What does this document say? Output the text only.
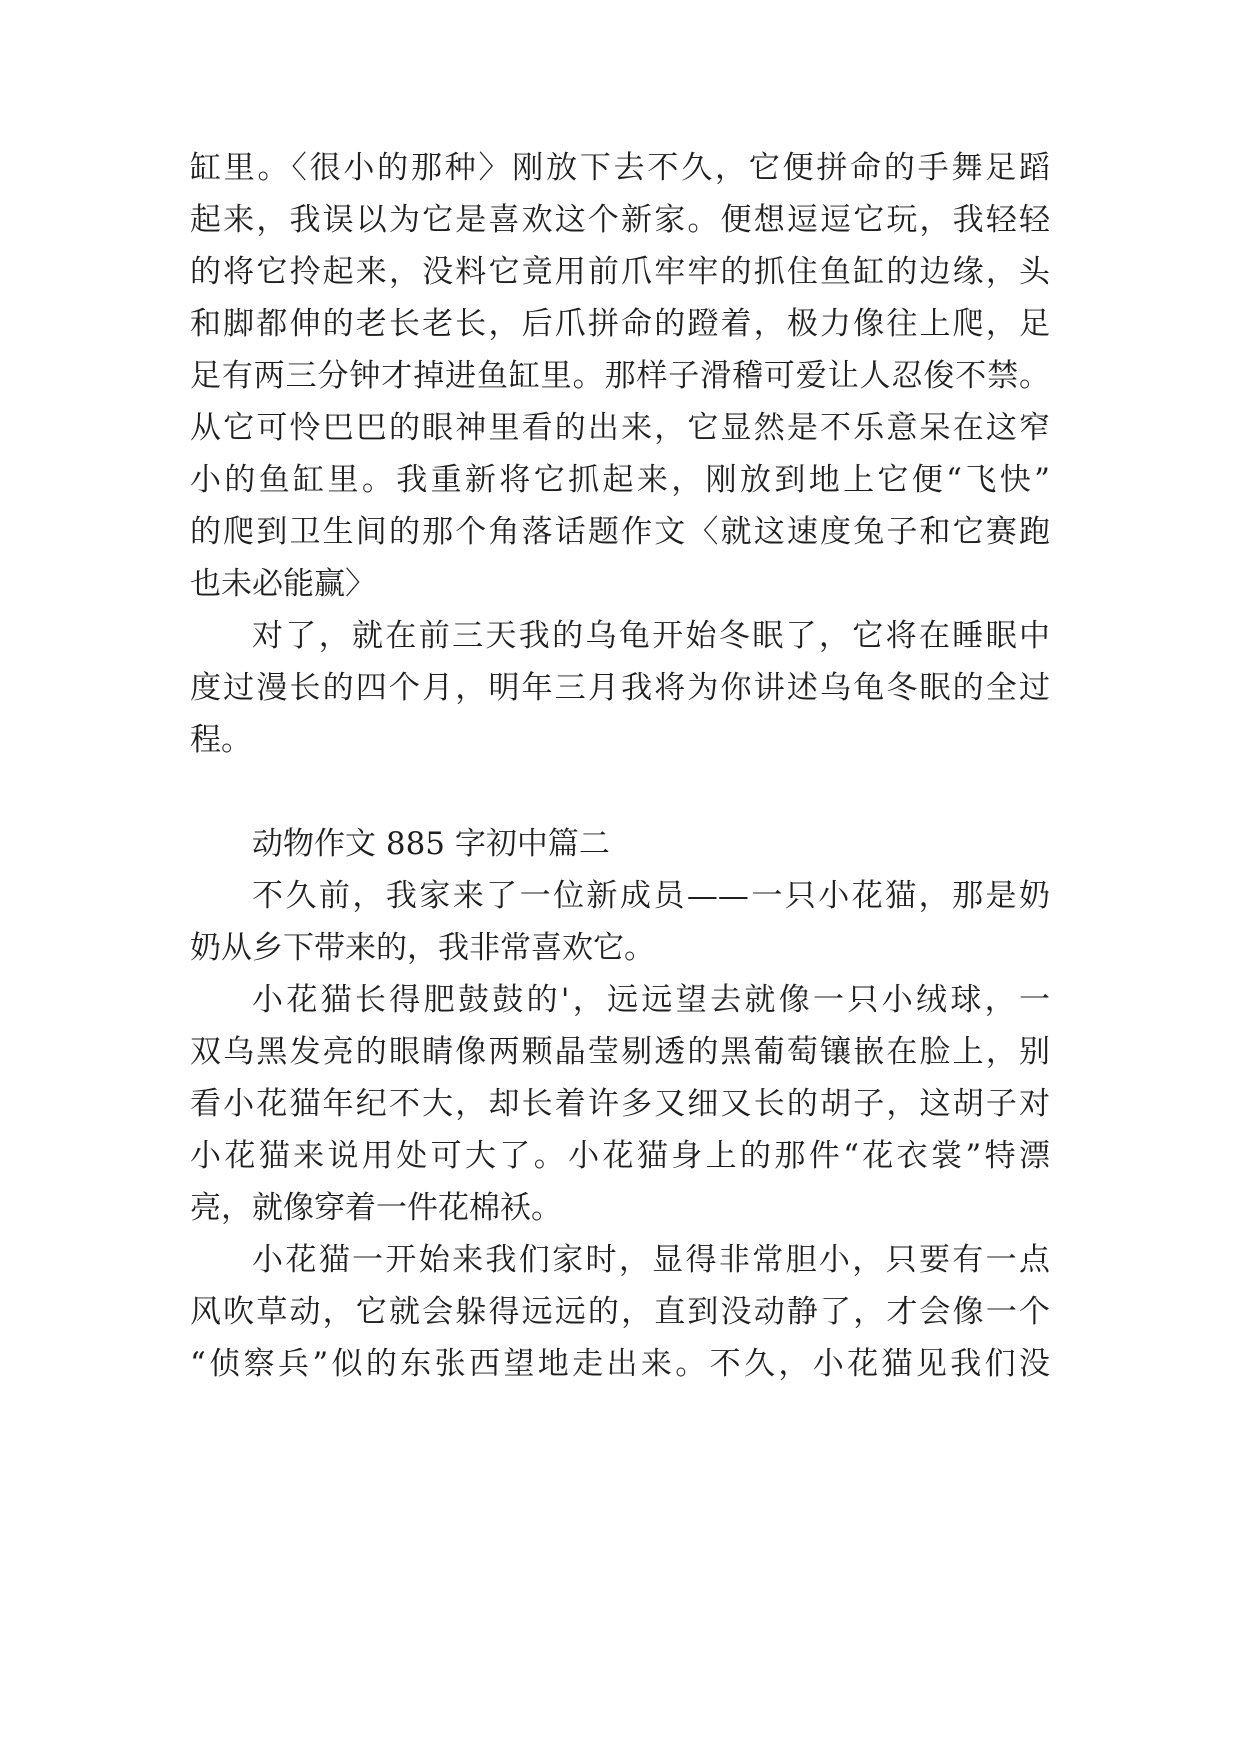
缸里。〈很小的那种〉刚放下去不久，它便拼命的手舞足蹈

起来，我误以为它是喜欢这个新家。便想逗逗它玩，我轻轻

的将它拎起来，没料它竟用前爪牢牢的抓住鱼缸的边缘，头

和脚都伸的老长老长，后爪拼命的蹬着，极力像往上爬，足

足有两三分钟才掉进鱼缸里。那样子滑稽可爱让人忍俊不禁。

从它可怜巴巴的眼神里看的出来，它显然是不乐意呆在这窄

小的鱼缸里。我重新将它抓起来，刚放到地上它便“飞快”

的爬到卫生间的那个角落话题作文〈就这速度兔子和它赛跑

也未必能赢〉

对了，就在前三天我的乌龟开始冬眠了，它将在睡眠中

度过漫长的四个月，明年三月我将为你讲述乌龟冬眠的全过

程。

动物作文 885 字初中篇二

不久前，我家来了一位新成员——一只小花猫，那是奶

奶从乡下带来的，我非常喜欢它。

小花猫长得肥鼓鼓的'，远远望去就像一只小绒球，一

双乌黑发亮的眼睛像两颗晶莹剔透的黑葡萄镶嵌在脸上，别

看小花猫年纪不大，却长着许多又细又长的胡子，这胡子对

小花猫来说用处可大了。小花猫身上的那件“花衣裳”特漂

亮，就像穿着一件花棉袄。

小花猫一开始来我们家时，显得非常胆小，只要有一点

风吹草动，它就会躲得远远的，直到没动静了，才会像一个

“侦察兵”似的东张西望地走出来。不久，小花猫见我们没
